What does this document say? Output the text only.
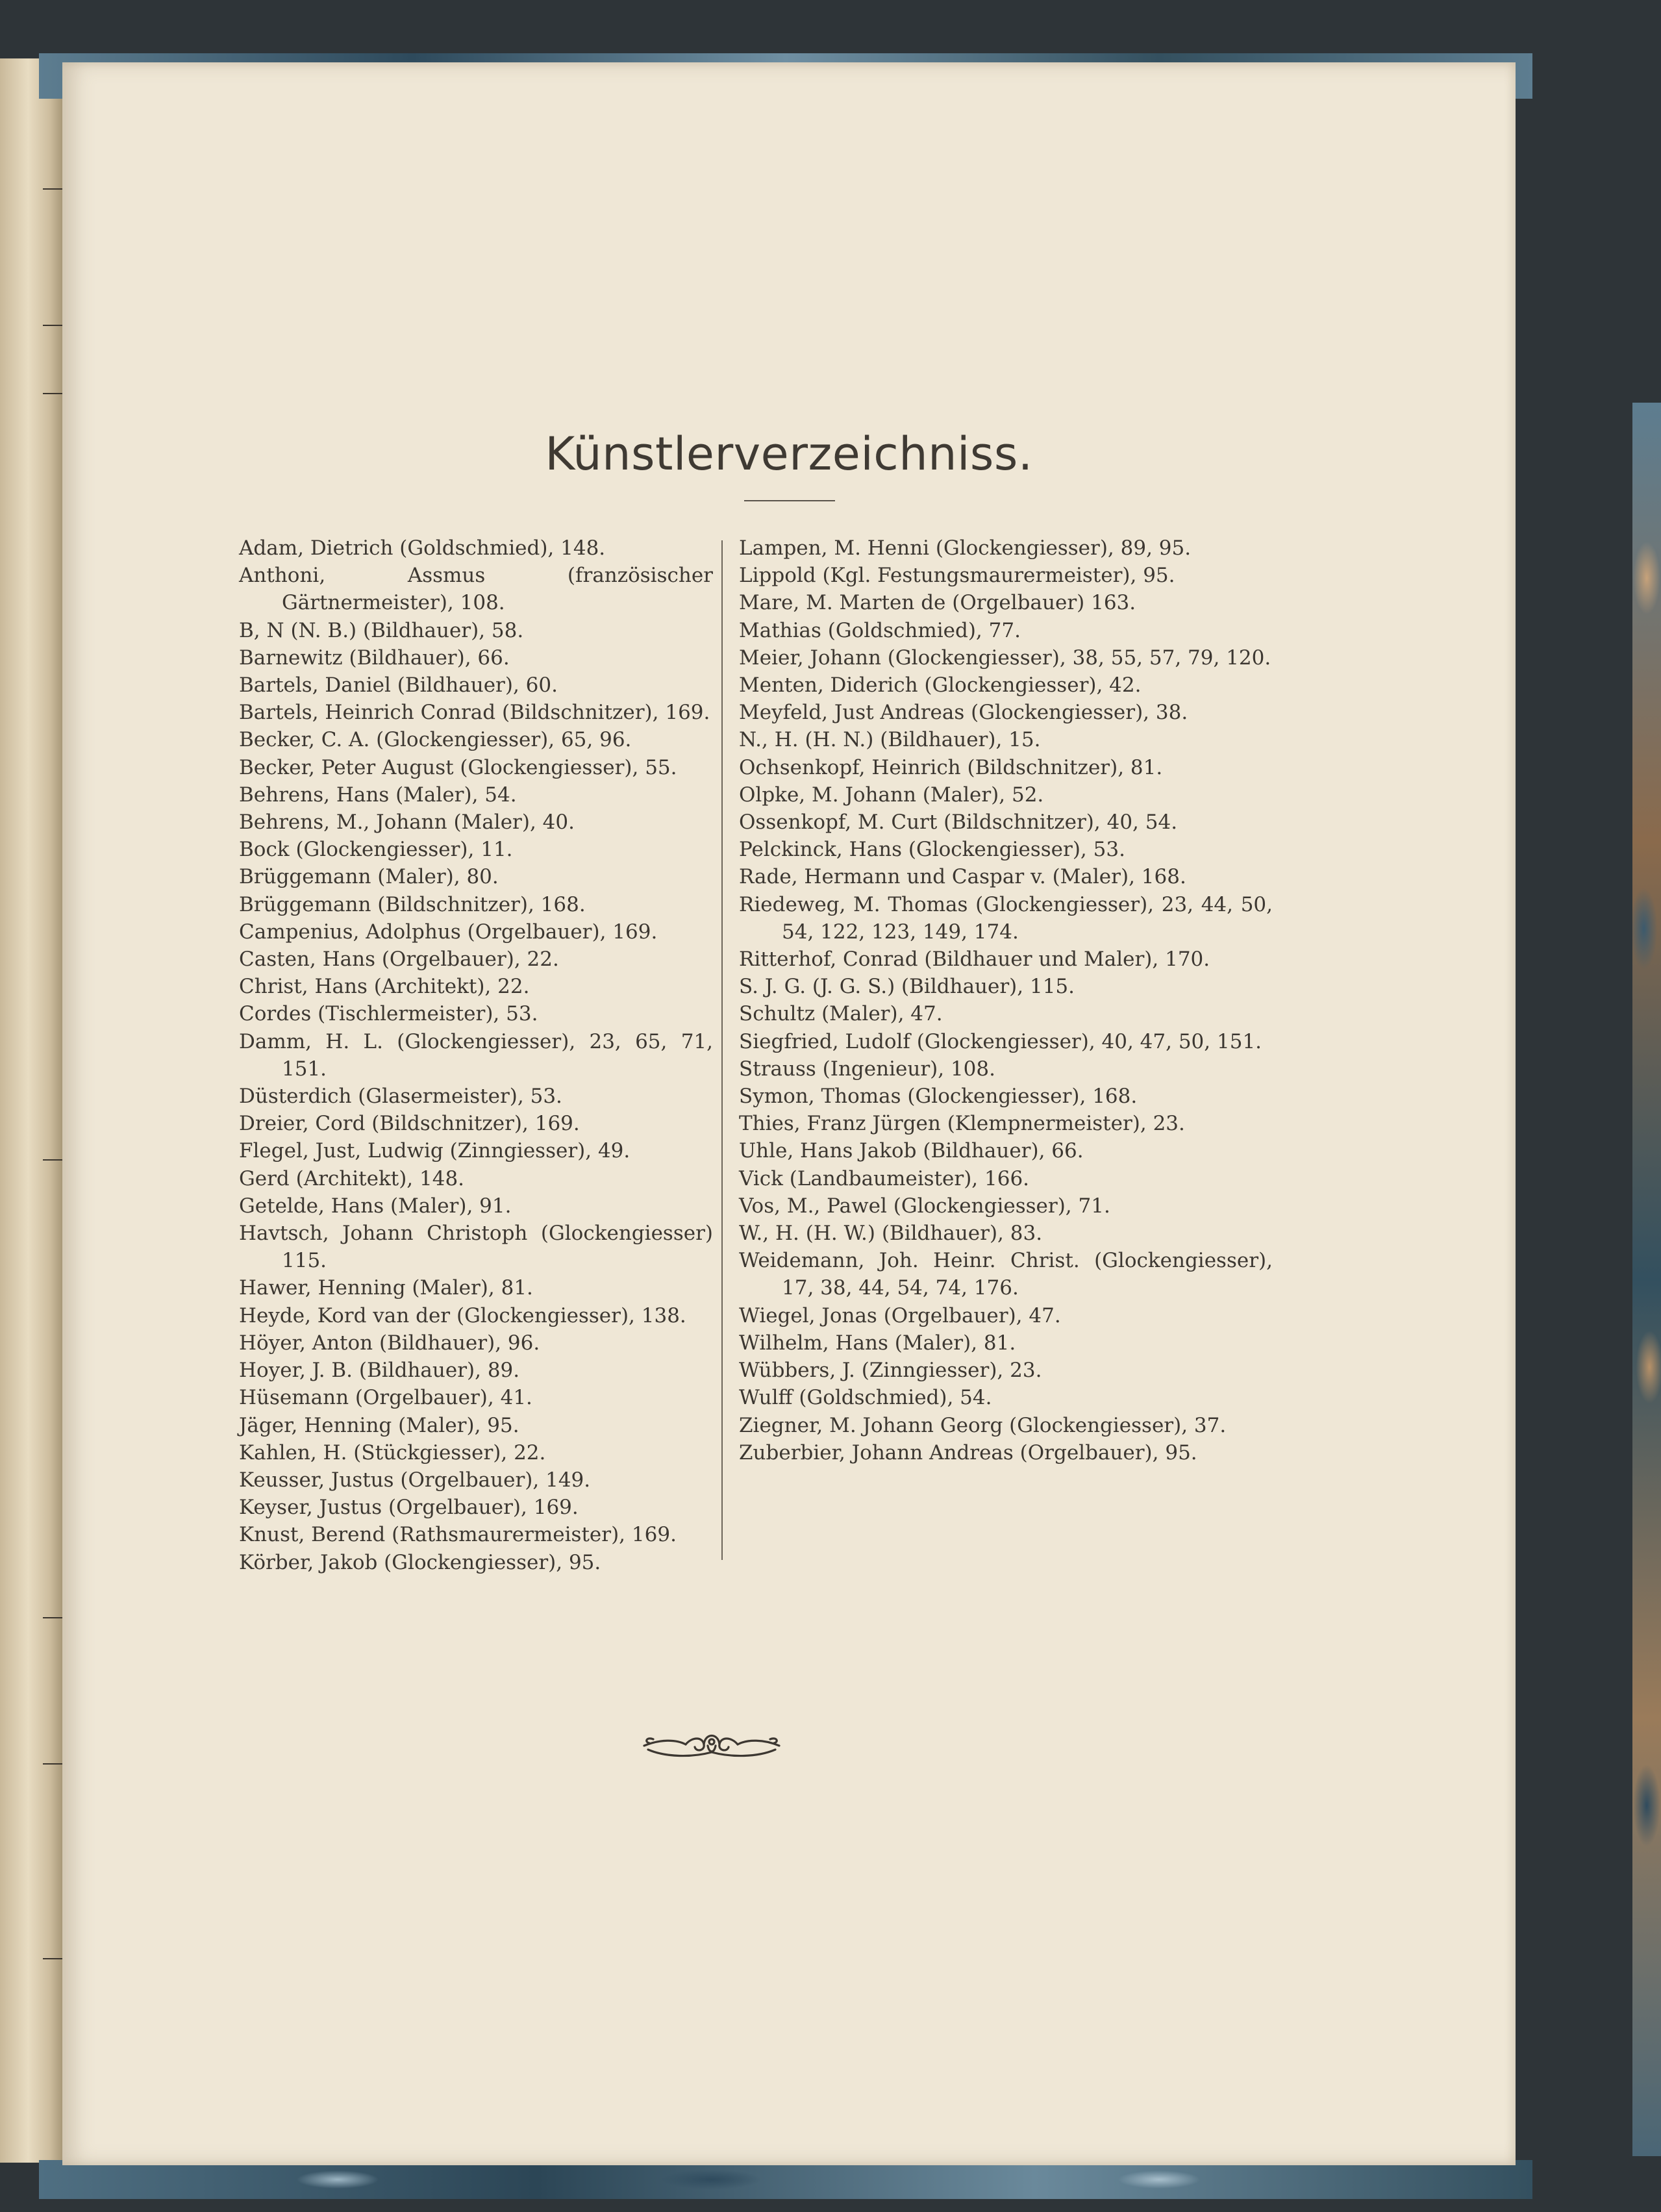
Künstlerverzeichniss.

Adam, Dietrich (Goldschmied), 148.

Anthoni, Assmus (französischer Gärtnermeister), 108.

B, N (N. B.) (Bildhauer), 58.

Barnewitz (Bildhauer), 66.

Bartels, Daniel (Bildhauer), 60.

Bartels, Heinrich Conrad (Bildschnitzer), 169.

Becker, C. A. (Glockengiesser), 65, 96.

Becker, Peter August (Glockengiesser), 55.

Behrens, Hans (Maler), 54.

Behrens, M., Johann (Maler), 40.

Bock (Glockengiesser), 11.

Brüggemann (Maler), 80.

Brüggemann (Bildschnitzer), 168.

Campenius, Adolphus (Orgelbauer), 169.

Casten, Hans (Orgelbauer), 22.

Christ, Hans (Architekt), 22.

Cordes (Tischlermeister), 53.

Damm, H. L. (Glockengiesser), 23, 65, 71, 151.

Düsterdich (Glasermeister), 53.

Dreier, Cord (Bildschnitzer), 169.

Flegel, Just, Ludwig (Zinngiesser), 49.

Gerd (Architekt), 148.

Getelde, Hans (Maler), 91.

Havtsch, Johann Christoph (Glockengiesser) 115.

Hawer, Henning (Maler), 81.

Heyde, Kord van der (Glockengiesser), 138.

Höyer, Anton (Bildhauer), 96.

Hoyer, J. B. (Bildhauer), 89.

Hüsemann (Orgelbauer), 41.

Jäger, Henning (Maler), 95.

Kahlen, H. (Stückgiesser), 22.

Keusser, Justus (Orgelbauer), 149.

Keyser, Justus (Orgelbauer), 169.

Knust, Berend (Rathsmaurermeister), 169.

Körber, Jakob (Glockengiesser), 95.

Lampen, M. Henni (Glockengiesser), 89, 95.

Lippold (Kgl. Festungsmaurermeister), 95.

Mare, M. Marten de (Orgelbauer) 163.

Mathias (Goldschmied), 77.

Meier, Johann (Glockengiesser), 38, 55, 57, 79, 120.

Menten, Diderich (Glockengiesser), 42.

Meyfeld, Just Andreas (Glockengiesser), 38.

N., H. (H. N.) (Bildhauer), 15.

Ochsenkopf, Heinrich (Bildschnitzer), 81.

Olpke, M. Johann (Maler), 52.

Ossenkopf, M. Curt (Bildschnitzer), 40, 54.

Pelckinck, Hans (Glockengiesser), 53.

Rade, Hermann und Caspar v. (Maler), 168.

Riedeweg, M. Thomas (Glockengiesser), 23, 44, 50, 54, 122, 123, 149, 174.

Ritterhof, Conrad (Bildhauer und Maler), 170.

S. J. G. (J. G. S.) (Bildhauer), 115.

Schultz (Maler), 47.

Siegfried, Ludolf (Glockengiesser), 40, 47, 50, 151.

Strauss (Ingenieur), 108.

Symon, Thomas (Glockengiesser), 168.

Thies, Franz Jürgen (Klempnermeister), 23.

Uhle, Hans Jakob (Bildhauer), 66.

Vick (Landbaumeister), 166.

Vos, M., Pawel (Glockengiesser), 71.

W., H. (H. W.) (Bildhauer), 83.

Weidemann, Joh. Heinr. Christ. (Glockengiesser), 17, 38, 44, 54, 74, 176.

Wiegel, Jonas (Orgelbauer), 47.

Wilhelm, Hans (Maler), 81.

Wübbers, J. (Zinngiesser), 23.

Wulff (Goldschmied), 54.

Ziegner, M. Johann Georg (Glockengiesser), 37.

Zuberbier, Johann Andreas (Orgelbauer), 95.
